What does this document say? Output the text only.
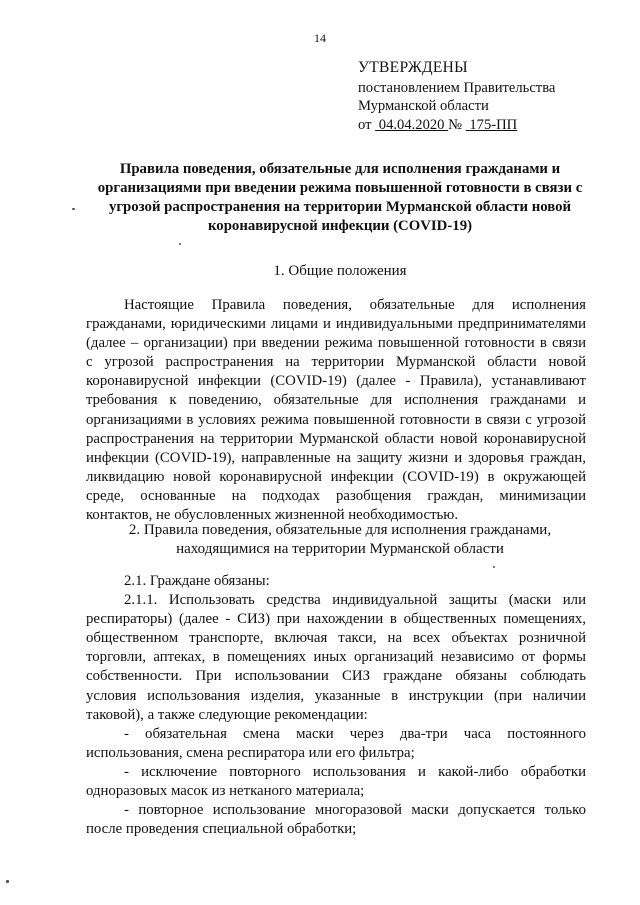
14
УТВЕРЖДЕНЫ
постановлением Правительства
Мурманской области
от 04.04.2020 № 175-ПП
Правила поведения, обязательные для исполнения гражданами и
организациями при введении режима повышенной готовности в связи с
угрозой распространения на территории Мурманской области новой
коронавирусной инфекции (COVID-19)
1. Общие положения
Настоящие Правила поведения, обязательные для исполнения
гражданами, юридическими лицами и индивидуальными предпринимателями
(далее – организации) при введении режима повышенной готовности в связи
с угрозой распространения на территории Мурманской области новой
коронавирусной инфекции (COVID-19) (далее - Правила), устанавливают
требования к поведению, обязательные для исполнения гражданами и
организациями в условиях режима повышенной готовности в связи с угрозой
распространения на территории Мурманской области новой коронавирусной
инфекции (COVID-19), направленные на защиту жизни и здоровья граждан,
ликвидацию новой коронавирусной инфекции (COVID-19) в окружающей
среде, основанные на подходах разобщения граждан, минимизации
контактов, не обусловленных жизненной необходимостью.
2. Правила поведения, обязательные для исполнения гражданами,
находящимися на территории Мурманской области
2.1. Граждане обязаны:
2.1.1. Использовать средства индивидуальной защиты (маски или
респираторы) (далее - СИЗ) при нахождении в общественных помещениях,
общественном транспорте, включая такси, на всех объектах розничной
торговли, аптеках, в помещениях иных организаций независимо от формы
собственности. При использовании СИЗ граждане обязаны соблюдать
условия использования изделия, указанные в инструкции (при наличии
таковой), а также следующие рекомендации:
- обязательная смена маски через два-три часа постоянного
использования, смена респиратора или его фильтра;
- исключение повторного использования и какой-либо обработки
одноразовых масок из нетканого материала;
- повторное использование многоразовой маски допускается только
после проведения специальной обработки;
